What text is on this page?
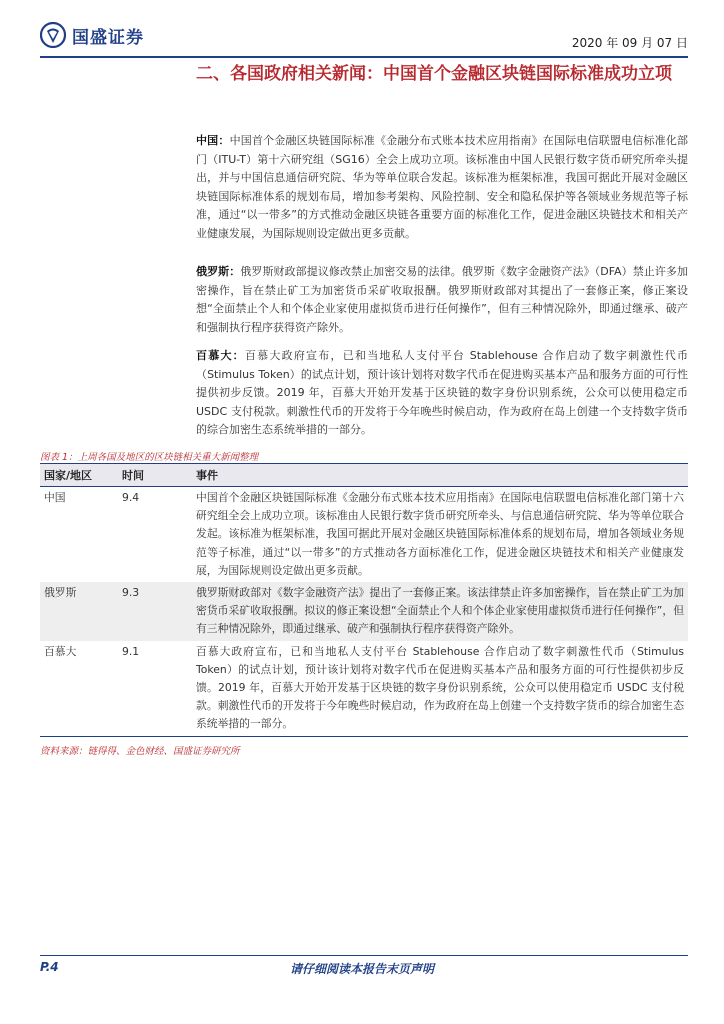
国盛证券	2020 年 09 月 07 日
二、各国政府相关新闻：中国首个金融区块链国际标准成功立项
中国：中国首个金融区块链国际标准《金融分布式账本技术应用指南》在国际电信联盟电信标准化部门（ITU-T）第十六研究组（SG16）全会上成功立项。该标准由中国人民银行数字货币研究所牵头提出，并与中国信息通信研究院、华为等单位联合发起。该标准为框架标准，我国可据此开展对金融区块链国际标准体系的规划布局，增加参考架构、风险控制、安全和隐私保护等各领域业务规范等子标准，通过“以一带多”的方式推动金融区块链各重要方面的标准化工作，促进金融区块链技术和相关产业健康发展，为国际规则设定做出更多贡献。
俄罗斯：俄罗斯财政部提议修改禁止加密交易的法律。俄罗斯《数字金融资产法》（DFA）禁止许多加密操作，旨在禁止矿工为加密货币采矿收取报酬。俄罗斯财政部对其提出了一套修正案，修正案设想“全面禁止个人和个体企业家使用虚拟货币进行任何操作”，但有三种情况除外，即通过继承、破产和强制执行程序获得资产除外。
百慕大：百慕大政府宣布，已和当地私人支付平台 Stablehouse 合作启动了数字刺激性代币（Stimulus Token）的试点计划，预计该计划将对数字代币在促进购买基本产品和服务方面的可行性提供初步反馈。2019 年，百慕大开始开发基于区块链的数字身份识别系统，公众可以使用稳定币 USDC 支付税款。刺激性代币的开发将于今年晚些时候启动，作为政府在岛上创建一个支持数字货币的综合加密生态系统举措的一部分。
图表 1：上周各国及地区的区块链相关重大新闻整理
国家/地区	时间	事件
中国	9.4	中国首个金融区块链国际标准《金融分布式账本技术应用指南》在国际电信联盟电信标准化部门第十六研究组全会上成功立项。该标准由人民银行数字货币研究所牵头、与信息通信研究院、华为等单位联合发起。该标准为框架标准，我国可据此开展对金融区块链国际标准体系的规划布局，增加各领域业务规范等子标准，通过“以一带多”的方式推动各方面标准化工作，促进金融区块链技术和相关产业健康发展，为国际规则设定做出更多贡献。
俄罗斯	9.3	俄罗斯财政部对《数字金融资产法》提出了一套修正案。该法律禁止许多加密操作，旨在禁止矿工为加密货币采矿收取报酬。拟议的修正案设想“全面禁止个人和个体企业家使用虚拟货币进行任何操作”，但有三种情况除外，即通过继承、破产和强制执行程序获得资产除外。
百慕大	9.1	百慕大政府宣布，已和当地私人支付平台 Stablehouse 合作启动了数字刺激性代币（Stimulus Token）的试点计划，预计该计划将对数字代币在促进购买基本产品和服务方面的可行性提供初步反馈。2019 年，百慕大开始开发基于区块链的数字身份识别系统，公众可以使用稳定币 USDC 支付税款。刺激性代币的开发将于今年晚些时候启动，作为政府在岛上创建一个支持数字货币的综合加密生态系统举措的一部分。
资料来源：链得得、金色财经、国盛证券研究所
请仔细阅读本报告末页声明
P.4
